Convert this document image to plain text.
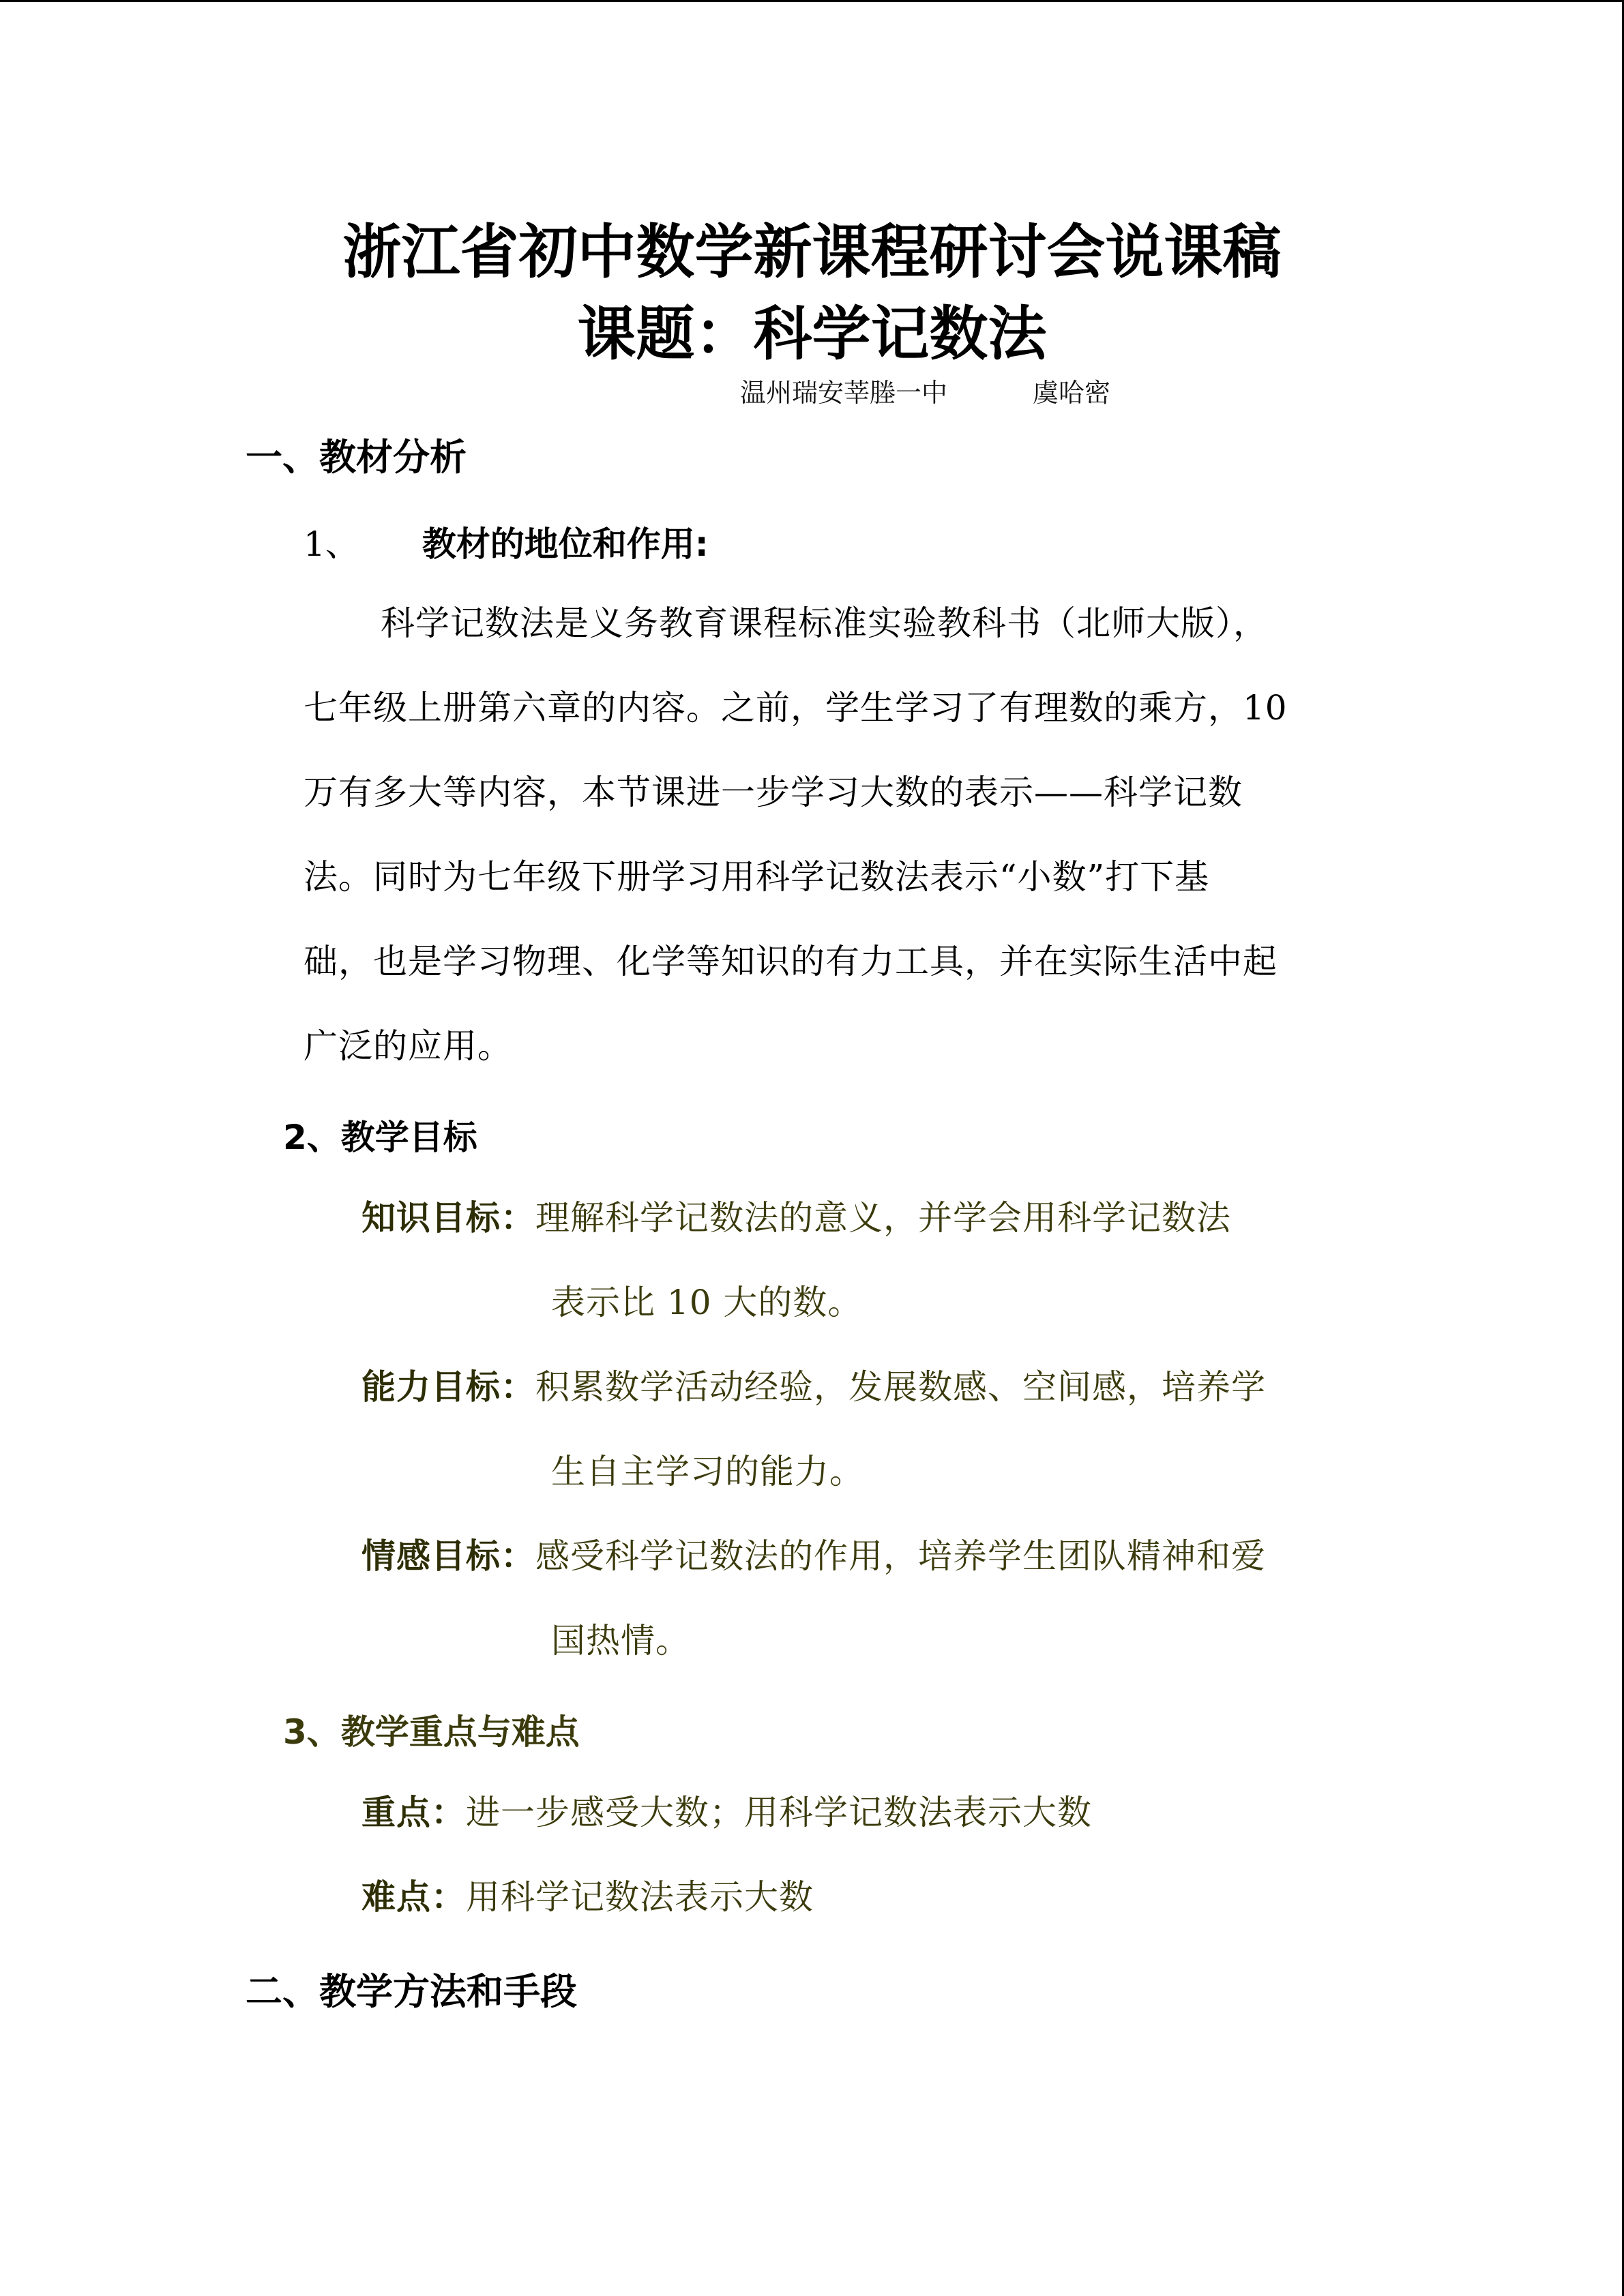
浙江省初中数学新课程研讨会说课稿
课题：科学记数法
温州瑞安莘塍一中	虞哈密
一、教材分析
1、 教材的地位和作用:
科学记数法是义务教育课程标准实验教科书（北师大版），
七年级上册第六章的内容。之前，学生学习了有理数的乘方，10
万有多大等内容，本节课进一步学习大数的表示——科学记数
法。同时为七年级下册学习用科学记数法表示“小数”打下基
础，也是学习物理、化学等知识的有力工具，并在实际生活中起
广泛的应用。
2、教学目标
知识目标：理解科学记数法的意义，并学会用科学记数法
表示比 10 大的数。
能力目标：积累数学活动经验，发展数感、空间感，培养学
生自主学习的能力。
情感目标：感受科学记数法的作用，培养学生团队精神和爱
国热情。
3、教学重点与难点
重点：进一步感受大数；用科学记数法表示大数
难点：用科学记数法表示大数
二、教学方法和手段
